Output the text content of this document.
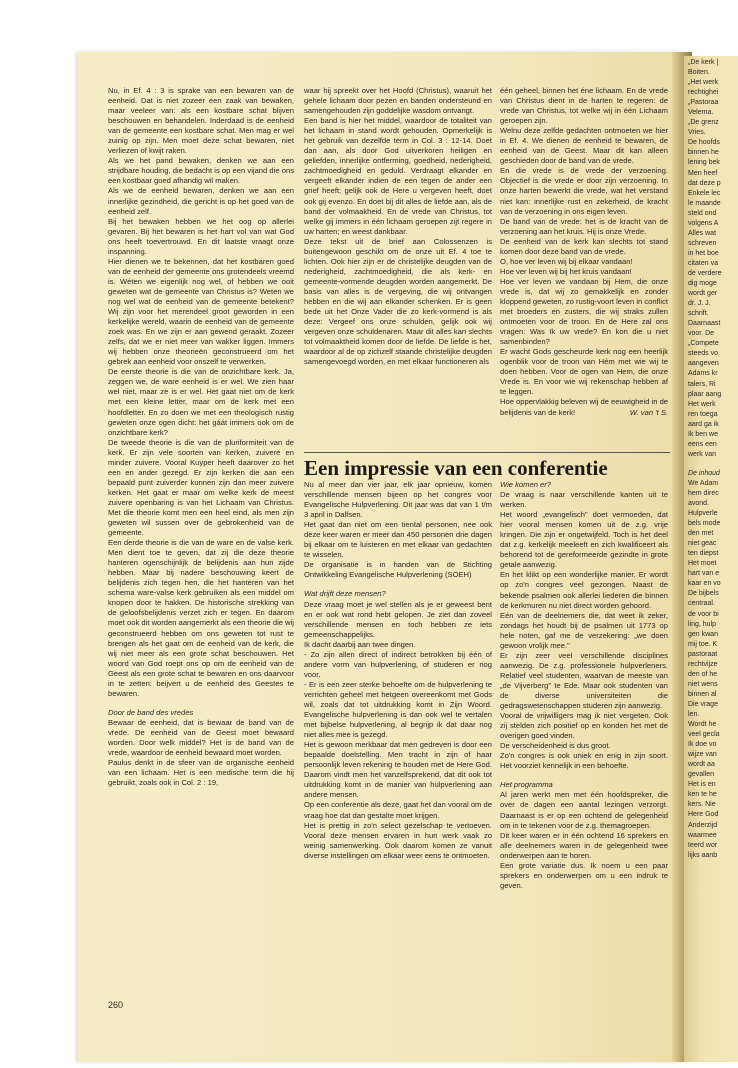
Nu, in Ef. 4 : 3 is sprake van een bewaren van de eenheid. Dat is niet zozeer een zaak van bewaken, maar veeleer van: als een kostbare schat blijven beschouwen en behandelen. Inderdaad is de eenheid van de gemeente een kostbare schat. Men mag er wel zuinig op zijn. Men moet deze schat bewaren, niet verliezen of kwijt raken.

Als we het pand bewaken, denken we aan een strijdbare houding, die bedacht is op een vijand die ons een kostbaar goed afhandig wil maken.

Als we de eenheid bewaren, denken we aan een innerlijke gezindheid, die gericht is op het goed van de eenheid zelf.

Bij het bewaken hebben we het oog op allerlei gevaren. Bij het bewaren is het hart vol van wat God ons heeft toevertrouwd. En dit laatste vraagt onze inspanning.

Hier dienen we te bekennen, dat het kostbaren goed van de eenheid der gemeente ons grotendeels vreemd is. Wéten we eigenlijk nog wel, of hebben we ooit geweten wat de gemeente van Christus is? Weten we nog wel wat de eenheid van de gemeente betekent? Wij zijn voor het merendeel groot geworden in een kerkelijke wereld, waarin de eenheid van de gemeente zoek was. En we zijn er aan gewend geraakt. Zozeer zelfs, dat we er niet meer van wakker liggen. Immers wij hebben onze theorieën geconstrueerd om het gebrek aan eenheid voor onszelf te verwerken.

De eerste theorie is die van de onzichtbare kerk. Ja, zeggen we, de ware eenheid is er wel. We zien haar wel niet, maar ze is er wel. Het gaat niet om de kerk met een kleine letter, maar om de kerk met een hoofdletter. En zo doen we met een theologisch rustig geweten onze ogen dicht: het gáát immers ook om de onzichtbare kerk?

De tweede theorie is die van de pluriformiteit van de kerk. Er zijn vele soorten van kerken, zuivere en minder zuivere. Vooral Kuyper heeft daarover zo het een en ander gezegd. Er zijn kerken die aan een bepaald punt zuiverder kunnen zijn dan meer zuivere kerken. Het gaat er maar om welke kerk de meest zuivere openbaring is van het Lichaam van Christus. Met die theorie komt men een heel eind, als men zijn geweten wil sussen over de gebrokenheid van de gemeente.

Een derde theorie is die van de ware en de valse kerk. Men dient toe te geven, dat zij die deze theorie hanteren ogenschijnlijk de belijdenis aan hun zijde hebben. Maar bij nadere beschouwing keert de belijdenis zich tegen hen, die het hanteren van het schema ware-valse kerk gebruiken als een middel om knopen door te hakken. De historische strekking van de geloofsbelijdenis verzet zich er tegen. En daarom moet ook dit worden aangemerkt als een theorie die wij geconstrueerd hebben om ons geweten tot rust te brengen als het gaat om de eenheid van de kerk, die wij niet meer als een grote schat beschouwen. Het woord van God roept ons op om de eenheid van de Geest als een grote schat te bewaren en ons daarvoor in te zetten: beijvert u de eenheid des Geestes te bewaren.

Door de band des vredes

Bewaar de eenheid, dat is bewaar de band van de vrede. De eenheid van de Geest moet bewaard worden. Door welk middel? Het is de band van de vrede, waardoor de eenheid bewaard moet worden.

Paulus denkt in de sfeer van de organische eenheid van een lichaam. Het is een medische term die hij gebruikt, zoals ook in Col. 2 : 19,

waar hij spreekt over het Hoofd (Christus), waaruit het gehele lichaam door pezen en banden ondersteund en samengehouden zijn goddelijke wasdom ontvangt.

Een band is hier het middel, waardoor de totaliteit van het lichaam in stand wordt gehouden. Opmerkelijk is het gebruik van dezelfde term in Col. 3 : 12-14. Doet dan aan, als door God uitverkoren heiligen en geliefden, innerlijke ontferming, goedheid, nederigheid, zachtmoedigheid en geduld. Verdraagt elkander en vergeeft elkander indien de een tegen de ander een grief heeft; gelijk ook de Here u vergeven heeft, doet ook gij evenzo. En doet bij dit alles de liefde aan, als de band der volmaakheid. En de vrede van Christus, tot welke gij immers in één lichaam geroepen zijt regere in uw harten; en weest dankbaar.

Deze tekst uit de brief aan Colossenzen is buitengewoon geschikt om de onze uit Ef. 4 toe te lichten. Ook hier zijn er de christelijke deugden van de nederigheid, zachtmoedigheid, die als kerk- en gemeente-vormende deugden worden aangemerkt. De basis van alles is de vergeving, die wij ontvangen hebben en die wij aan elkander schenken. Er is geen bede uit het Onze Vader die zo kerk-vormend is als deze: Vergeef ons onze schulden, gelijk ook wij vergeven onze schuldenaren. Maar dit alles kan slechts tot volmaaktheid komen door de liefde. De liefde is het, waardoor al de op zichzelf staande christelijke deugden samengevoegd worden, en met elkaar functioneren als

één geheel, binnen het éne lichaam. En de vrede van Christus dient in de harten te regeren: de vrede van Christus, tot welke wij in één Lichaam geroepen zijn.

Welnu deze zelfde gedachten ontmoeten we hier in Ef. 4. We dienen de eenheid te bewaren, de eenheid van de Geest. Maar dit kan alleen geschieden door de band van de vrede.

En die vrede is de vrede der verzoening. Objectief is die vrede er door zijn verzoening. In onze harten bewerkt die vrede, wat het verstand niet kan: innerlijke rust en zekerheid, de kracht van de verzoening in ons eigen leven.

De band van de vrede: het is de kracht van de verzoening aan het kruis. Hij is onze Vrede.

De eenheid van de kerk kan slechts tot stand komen door deze band van de vrede.

O, hoe ver leven wij bij elkaar vandaan!

Hoe ver leven wij bij het kruis vandaan!

Hoe ver leven we vandaan bij Hem, die onze vrede is, dat wij zo gemakkelijk en zonder kloppend geweten, zo rustig-voort leven in conflict met broeders en zusters, die wij straks zullen ontmoeten voor de troon. En de Here zal ons vragen: Was Ik uw vrede? En kon die u niet samenbinden?

Er wacht Gods gescheurde kerk nog een heerlijk ogenblik voor de troon van Hém met wie wij te doen hebben. Voor de ogen van Hem, die onze Vrede is. En voor wie wij rekenschap hebben af te leggen.

Hoe oppervlakkig beleven wij de eeuwigheid in de belijdenis van de kerk!	W. van 't S.

Een impressie van een conferentie

Nu al meer dan vier jaar, elk jaar opnieuw, komen verschillende mensen bijeen op het congres voor Evangelische Hulpverlening. Dit jaar was dat van 1 t/m 3 april in Dalfsen.

Het gaat dan niet om een tiental personen, nee ook deze keer waren er meer dan 450 personen drie dagen bij elkaar om te luisteren en met elkaar van gedachten te wisselen.

De organisatie is in handen van de Stichting Ontwikkeling Evangelische Hulpverlening (SOEH)

Wat drijft deze mensen?

Deze vraag moet je wel stellen als je er geweest bent en er ook wat rond hebt gelopen. Je ziet dan zoveel verschillende mensen en toch hebben ze iets gemeenschappelijks.

Ik dacht daarbij aan twee dingen.

- Zo zijn allen direct of indirect betrokken bij één of andere vorm van hulpverlening, of studeren er nog voor.

- Er is een zeer sterke behoefte om de hulpverlening te verrichten geheel met hetgeen overeenkomt met Gods wil, zoals dat tot uitdrukking komt in Zijn Woord. Evangelische hulpverlening is dan ook wel te vertalen met bijbelse hulpverlening, al begrijp ik dat daar nog niet alles mee is gezegd.

Het is gewoon merkbaar dat men gedreven is door een bepaalde doelstelling. Men tracht in zijn of haar persoonlijk leven rekening te houden met de Here God. Daarom vindt men het vanzelfsprekend, dat dit ook tot uitdrukking komt in de manier van hulpverlening aan andere mensen.

Op een conferentie als deze, gaat het dan vooral om de vraag hoe dat dan gestalte moet krijgen.

Het is prettig in zo'n select gezelschap te vertoeven. Vooral deze mensen ervaren in hun werk vaak zo weinig samenwerking. Ook daarom komen ze vanuit diverse instellingen om elkaar weer eens te ontmoeten.

Wie komen er?

De vraag is naar verschillende kanten uit te werken.

Het woord „evangelisch" doet vermoeden, dat hier vooral mensen komen uit de z.g. vrije kringen. Die zijn er ongetwijfeld. Toch is het deel dat z.g. kerkelijk meeleeft en zich kwalificeert als behorend tot de gereformeerde gezindte in grote getale aanwezig.

En het klikt op een wonderlijke manier. Er wordt op zo'n congres veel gezongen. Naast de bekende psalmen ook allerlei liederen die binnen de kerkmuren nu niet direct worden gehoord.

Eén van de deelnemers die, dat weet ik zeker, zondags het houdt bij de psalmen uit 1773 op hele noten, gaf me de verzekering: „we doen gewoon vrolijk mee."

Er zijn zeer veel verschillende disciplines aanwezig. De z.g. professionele hulpverleners. Relatief veel studenten, waarvan de meeste van „de Vijverberg" te Ede. Maar ook studenten van de diverse universiteiten die gedragswetenschappen studeren zijn aanwezig.

Vooral de vrijwilligers mag ik niet vergeten. Ook zij stelden zich positief op en konden het met de overigen goed vinden.

De verscheidenheid is dus groot.

Zo'n congres is ook uniek en enig in zijn soort. Het voorziet kennelijk in een behoefte.

Het programma

Al jaren werkt men met één hoofdspreker, die over de dagen een aantal lezingen verzorgt. Daarnaast is er op een ochtend de gelegenheid om in te tekenen voor de z.g. themagroepen.

Dit keer waren er in één ochtend 16 sprekers en alle deelnemers waren in de gelegenheid twee onderwerpen aan te horen.

Een grote variatie dus. Ik noem u een paar sprekers en onderwerpen om u een indruk te geven.

260

„De kerk |

Boiten.

„Het werk

rechtighei

„Pastoraa

Velema.

„De grenz

Vries.

De hoofds

binnen he

lening bek

Men heef

dat deze p

Enkele lec

le maande

steld ond

volgens A

Alles wat

schreven

in het boe

citaten va

de verdere

dig moge

wordt ger

dr. J. J.

schrift.

Daarnaast

voor. De

„Compete

steeds vo

aangeven

Adams kr

talers, Ri

plaar aang

Het werk

ren toega

aard ga ik

Ik ben we

eens een

werk van

De inhoud

We Adam

hem direc

avond.

Hulpverle

bels mode

den met

niet geac

ten diepst

Het moet

hart van e

kaar en vo

De bijbels

centraal.

de voor bi

ling, hulp

gen kwan

mij toe. K

pastoraat

rechtvijze

den of he

niet wens

binnen al

Die vrage

len.

Wordt he

veel gecla

Ik doe vo

wijze van

wordt aa

gevallen

Het is en

ken te he

kers. Nie

Here God

Anderzijd

waarmee

teerd wor

lijks aanb
